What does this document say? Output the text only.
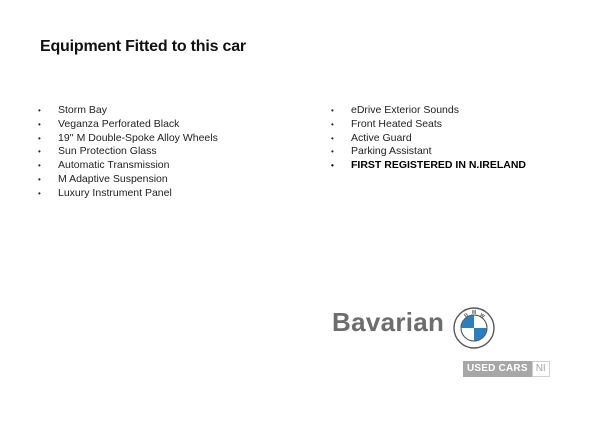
Equipment Fitted to this car
• Storm Bay
• Veganza Perforated Black
• 19'' M Double-Spoke Alloy Wheels
• Sun Protection Glass
• Automatic Transmission
• M Adaptive Suspension
• Luxury Instrument Panel
• eDrive Exterior Sounds
• Front Heated Seats
• Active Guard
• Parking Assistant
• FIRST REGISTERED IN N.IRELAND
Bavarian	B M W
USED CARS NI
